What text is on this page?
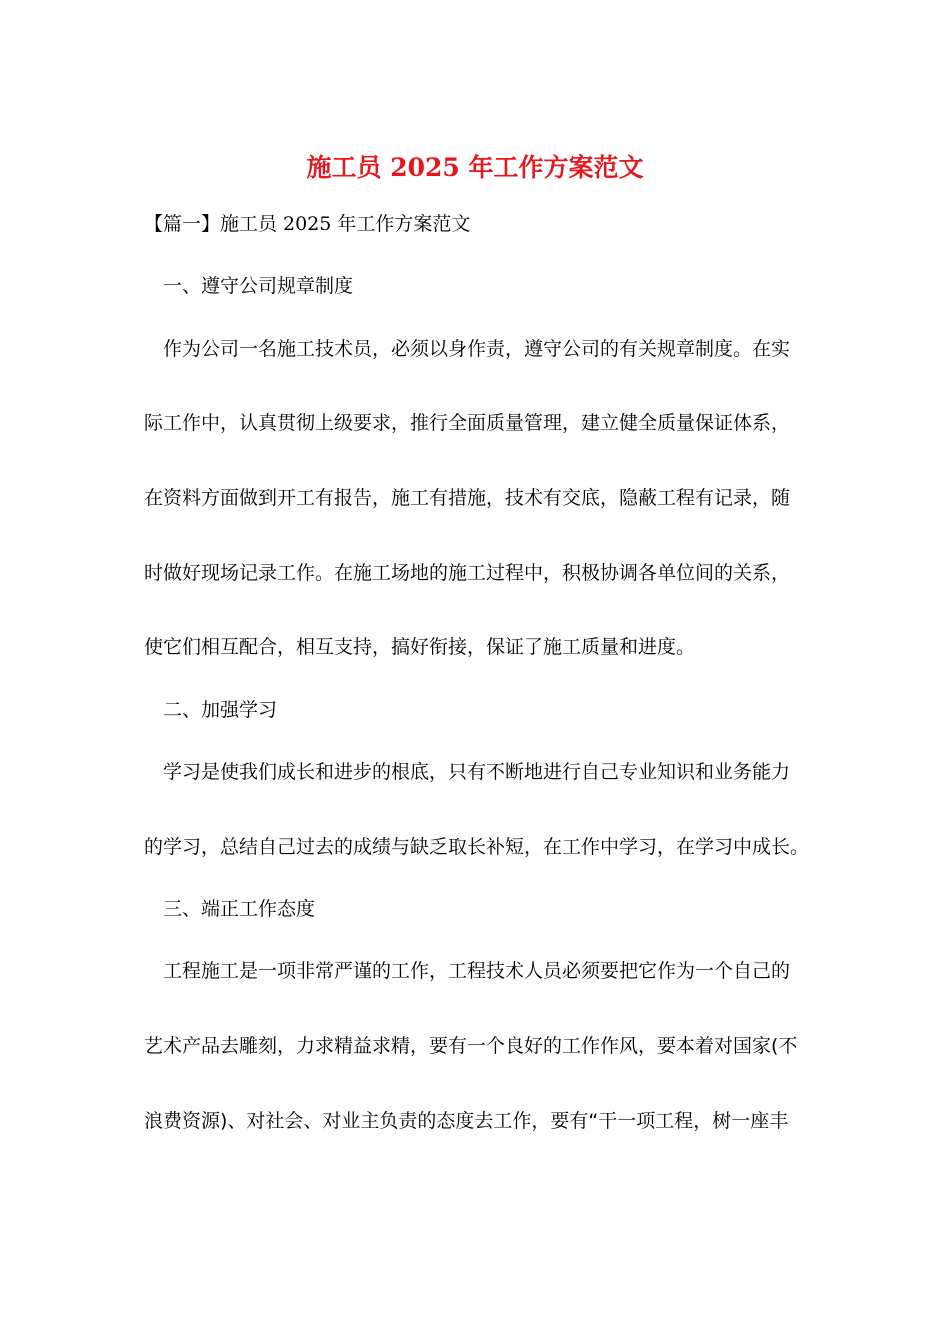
施工员 2025 年工作方案范文
【篇一】施工员 2025 年工作方案范文
一、遵守公司规章制度
作为公司一名施工技术员，必须以身作责，遵守公司的有关规章制度。在实
际工作中，认真贯彻上级要求，推行全面质量管理，建立健全质量保证体系，
在资料方面做到开工有报告，施工有措施，技术有交底，隐蔽工程有记录，随
时做好现场记录工作。在施工场地的施工过程中，积极协调各单位间的关系，
使它们相互配合，相互支持，搞好衔接，保证了施工质量和进度。
二、加强学习
学习是使我们成长和进步的根底，只有不断地进行自己专业知识和业务能力
的学习，总结自己过去的成绩与缺乏取长补短，在工作中学习，在学习中成长。
三、端正工作态度
工程施工是一项非常严谨的工作，工程技术人员必须要把它作为一个自己的
艺术产品去雕刻，力求精益求精，要有一个良好的工作作风，要本着对国家(不
浪费资源)、对社会、对业主负责的态度去工作，要有“干一项工程，树一座丰
